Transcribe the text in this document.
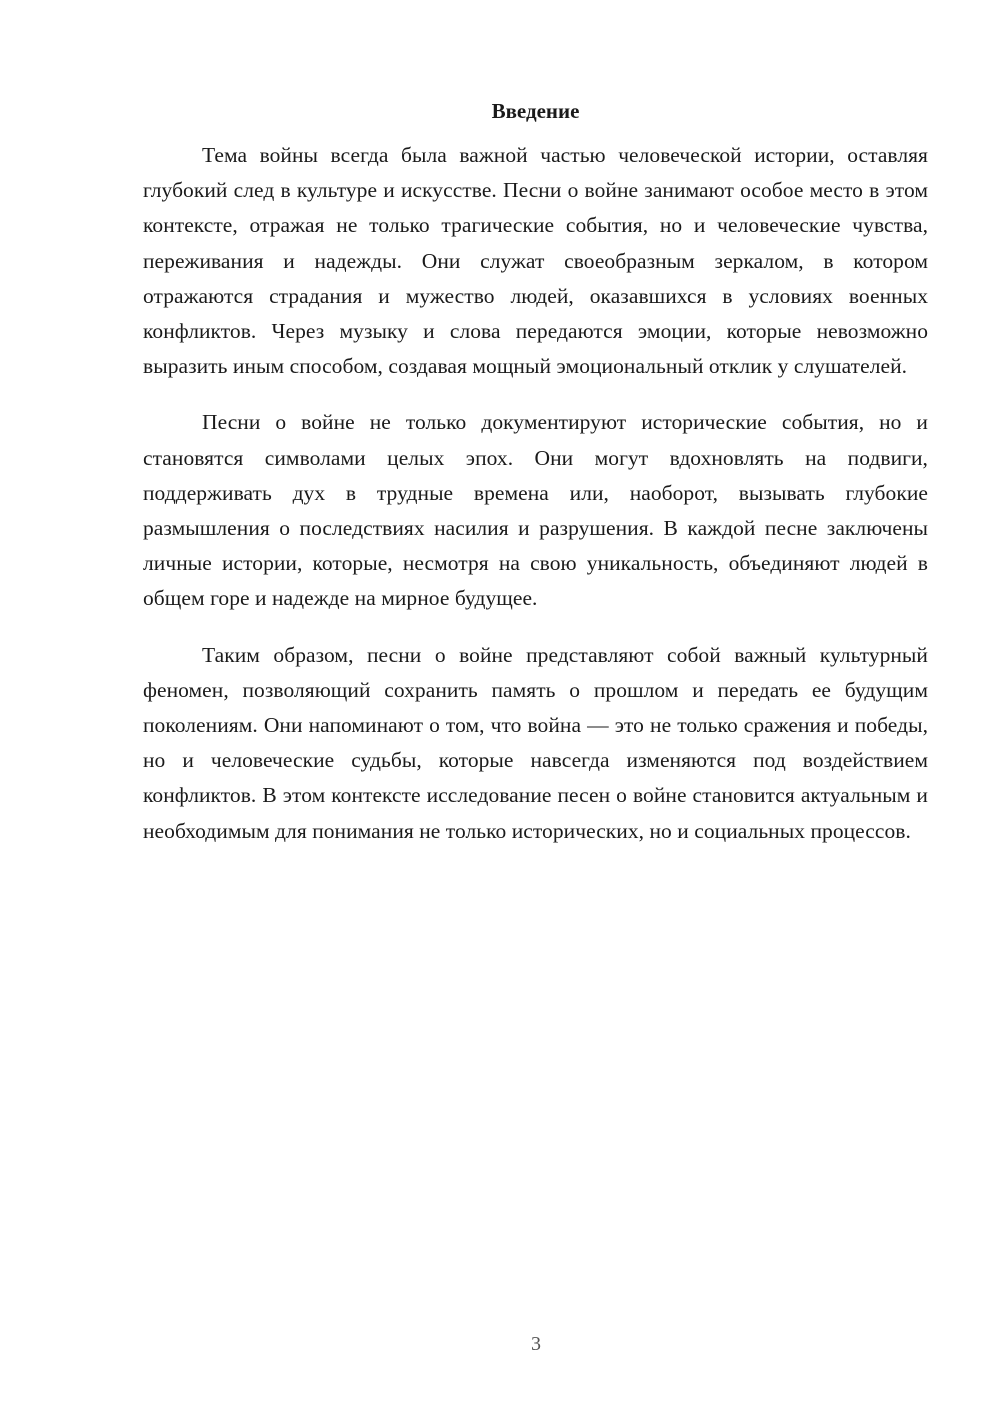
Введение

Тема войны всегда была важной частью человеческой истории, оставляя глубокий след в культуре и искусстве. Песни о войне занимают особое место в этом контексте, отражая не только трагические события, но и человеческие чувства, переживания и надежды. Они служат своеобразным зеркалом, в котором отражаются страдания и мужество людей, оказавшихся в условиях военных конфликтов. Через музыку и слова передаются эмоции, которые невозможно выразить иным способом, создавая мощный эмоциональный отклик у слушателей.

Песни о войне не только документируют исторические события, но и становятся символами целых эпох. Они могут вдохновлять на подвиги, поддерживать дух в трудные времена или, наоборот, вызывать глубокие размышления о последствиях насилия и разрушения. В каждой песне заключены личные истории, которые, несмотря на свою уникальность, объединяют людей в общем горе и надежде на мирное будущее.

Таким образом, песни о войне представляют собой важный культурный феномен, позволяющий сохранить память о прошлом и передать ее будущим поколениям. Они напоминают о том, что война — это не только сражения и победы, но и человеческие судьбы, которые навсегда изменяются под воздействием конфликтов. В этом контексте исследование песен о войне становится актуальным и необходимым для понимания не только исторических, но и социальных процессов.

3
